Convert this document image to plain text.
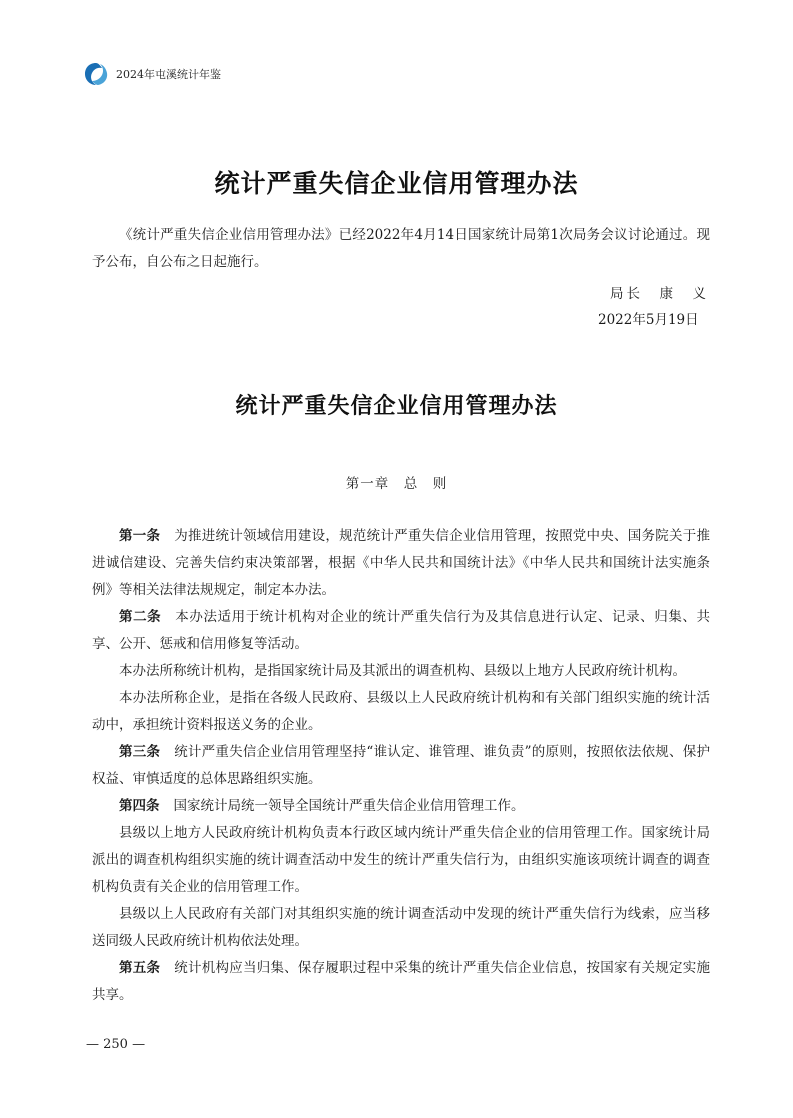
2024年屯溪统计年鉴
统计严重失信企业信用管理办法

《统计严重失信企业信用管理办法》已经2022年4月14日国家统计局第1次局务会议讨论通过。现予公布，自公布之日起施行。

局长　康　义
2022年5月19日
统计严重失信企业信用管理办法
第一章　总　则

第一条 为推进统计领域信用建设，规范统计严重失信企业信用管理，按照党中央、国务院关于推进诚信建设、完善失信约束决策部署，根据《中华人民共和国统计法》《中华人民共和国统计法实施条例》等相关法律法规规定，制定本办法。

第二条 本办法适用于统计机构对企业的统计严重失信行为及其信息进行认定、记录、归集、共享、公开、惩戒和信用修复等活动。

本办法所称统计机构，是指国家统计局及其派出的调查机构、县级以上地方人民政府统计机构。

本办法所称企业，是指在各级人民政府、县级以上人民政府统计机构和有关部门组织实施的统计活动中，承担统计资料报送义务的企业。

第三条 统计严重失信企业信用管理坚持“谁认定、谁管理、谁负责”的原则，按照依法依规、保护权益、审慎适度的总体思路组织实施。

第四条 国家统计局统一领导全国统计严重失信企业信用管理工作。

县级以上地方人民政府统计机构负责本行政区域内统计严重失信企业的信用管理工作。国家统计局派出的调查机构组织实施的统计调查活动中发生的统计严重失信行为，由组织实施该项统计调查的调查机构负责有关企业的信用管理工作。

县级以上人民政府有关部门对其组织实施的统计调查活动中发现的统计严重失信行为线索，应当移送同级人民政府统计机构依法处理。

第五条 统计机构应当归集、保存履职过程中采集的统计严重失信企业信息，按国家有关规定实施共享。

— 250 —
